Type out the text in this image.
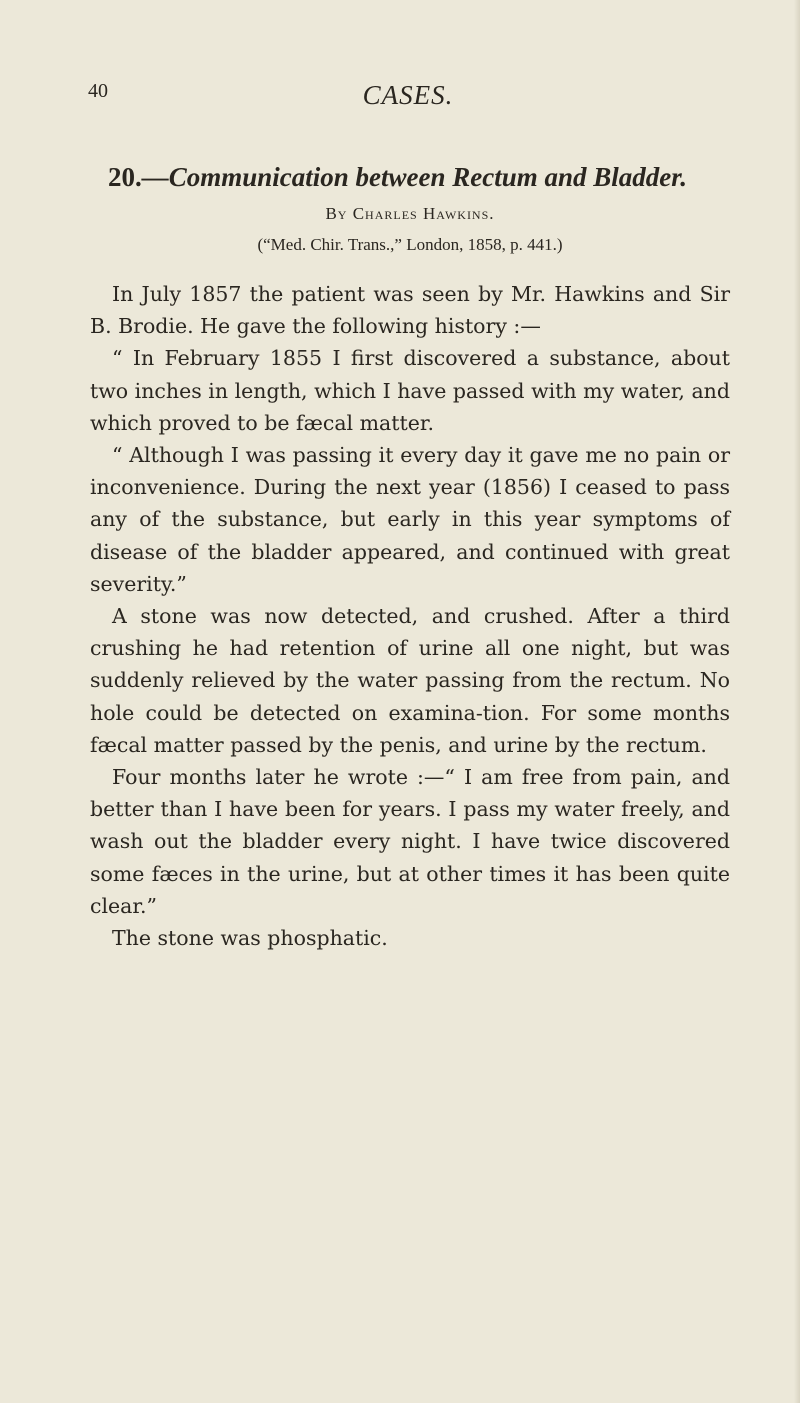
40	CASES.
20.—Communication between Rectum and Bladder.
By Charles Hawkins.
(“Med. Chir. Trans.,” London, 1858, p. 441.)

In July 1857 the patient was seen by Mr. Hawkins and Sir B. Brodie. He gave the following history :—

“ In February 1855 I first discovered a substance, about two inches in length, which I have passed with my water, and which proved to be fæcal matter.

“ Although I was passing it every day it gave me no pain or inconvenience. During the next year (1856) I ceased to pass any of the substance, but early in this year symptoms of disease of the bladder appeared, and continued with great severity.”

A stone was now detected, and crushed. After a third crushing he had retention of urine all one night, but was suddenly relieved by the water passing from the rectum. No hole could be detected on examina-tion. For some months fæcal matter passed by the penis, and urine by the rectum.

Four months later he wrote :—“ I am free from pain, and better than I have been for years. I pass my water freely, and wash out the bladder every night. I have twice discovered some fæces in the urine, but at other times it has been quite clear.”

The stone was phosphatic.
